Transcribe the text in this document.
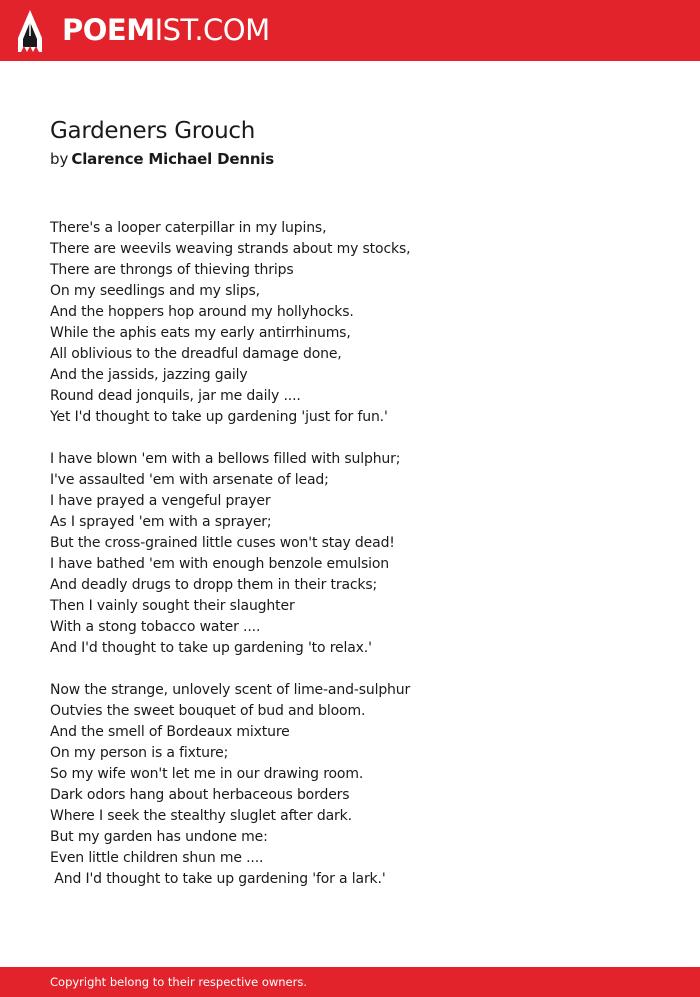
POEMIST.COM
Gardeners Grouch
by Clarence Michael Dennis
There's a looper caterpillar in my lupins,
There are weevils weaving strands about my stocks,
There are throngs of thieving thrips
On my seedlings and my slips,
And the hoppers hop around my hollyhocks.
While the aphis eats my early antirrhinums,
All oblivious to the dreadful damage done,
And the jassids, jazzing gaily
Round dead jonquils, jar me daily ....
Yet I'd thought to take up gardening 'just for fun.'
I have blown 'em with a bellows filled with sulphur;
I've assaulted 'em with arsenate of lead;
I have prayed a vengeful prayer
As I sprayed 'em with a sprayer;
But the cross-grained little cuses won't stay dead!
I have bathed 'em with enough benzole emulsion
And deadly drugs to dropp them in their tracks;
Then I vainly sought their slaughter
With a stong tobacco water ....
And I'd thought to take up gardening 'to relax.'
Now the strange, unlovely scent of lime-and-sulphur
Outvies the sweet bouquet of bud and bloom.
And the smell of Bordeaux mixture
On my person is a fixture;
So my wife won't let me in our drawing room.
Dark odors hang about herbaceous borders
Where I seek the stealthy sluglet after dark.
But my garden has undone me:
Even little children shun me ....
And I'd thought to take up gardening 'for a lark.'
Copyright belong to their respective owners.
